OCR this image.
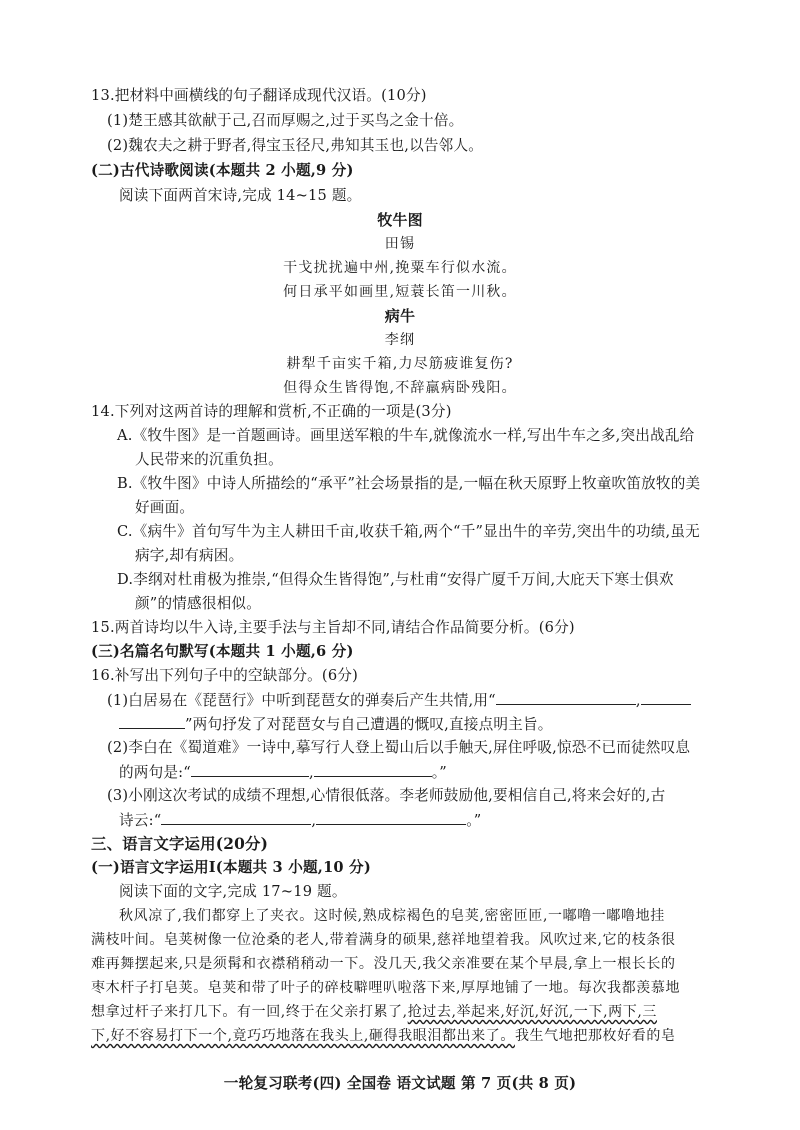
13.把材料中画横线的句子翻译成现代汉语。(10分)
(1)楚王感其欲献于己,召而厚赐之,过于买鸟之金十倍。
(2)魏农夫之耕于野者,得宝玉径尺,弗知其玉也,以告邻人。
(二)古代诗歌阅读(本题共 2 小题,9 分)
阅读下面两首宋诗,完成 14~15 题。
牧牛图
田锡
干戈扰扰遍中州,挽粟车行似水流。
何日承平如画里,短蓑长笛一川秋。
病牛
李纲
耕犁千亩实千箱,力尽筋疲谁复伤?
但得众生皆得饱,不辞羸病卧残阳。
14.下列对这两首诗的理解和赏析,不正确的一项是(3分)
A.《牧牛图》是一首题画诗。画里送军粮的牛车,就像流水一样,写出牛车之多,突出战乱给
人民带来的沉重负担。
B.《牧牛图》中诗人所描绘的“承平”社会场景指的是,一幅在秋天原野上牧童吹笛放牧的美
好画面。
C.《病牛》首句写牛为主人耕田千亩,收获千箱,两个“千”显出牛的辛劳,突出牛的功绩,虽无
病字,却有病困。
D.李纲对杜甫极为推崇,“但得众生皆得饱”,与杜甫“安得广厦千万间,大庇天下寒士俱欢
颜”的情感很相似。
15.两首诗均以牛入诗,主要手法与主旨却不同,请结合作品简要分析。(6分)
(三)名篇名句默写(本题共 1 小题,6 分)
16.补写出下列句子中的空缺部分。(6分)
(1)白居易在《琵琶行》中听到琵琶女的弹奏后产生共情,用“	,
”两句抒发了对琵琶女与自己遭遇的慨叹,直接点明主旨。
(2)李白在《蜀道难》一诗中,摹写行人登上蜀山后以手触天,屏住呼吸,惊恐不已而徒然叹息
的两句是:“	,	。”
(3)小刚这次考试的成绩不理想,心情很低落。李老师鼓励他,要相信自己,将来会好的,古
诗云:“	,	。”
三、语言文字运用(20分)
(一)语言文字运用Ⅰ(本题共 3 小题,10 分)
阅读下面的文字,完成 17~19 题。
秋风凉了,我们都穿上了夹衣。这时候,熟成棕褐色的皂荚,密密匝匝,一嘟噜一嘟噜地挂
满枝叶间。皂荚树像一位沧桑的老人,带着满身的硕果,慈祥地望着我。风吹过来,它的枝条很
难再舞摆起来,只是须髯和衣襟稍稍动一下。没几天,我父亲准要在某个早晨,拿上一根长长的
枣木杆子打皂荚。皂荚和带了叶子的碎枝噼哩叭啦落下来,厚厚地铺了一地。每次我都羡慕地
想拿过杆子来打几下。有一回,终于在父亲打累了,抢过去,举起来,好沉,好沉,一下,两下,三
下,好不容易打下一个,竟巧巧地落在我头上,砸得我眼泪都出来了。我生气地把那枚好看的皂
一轮复习联考(四) 全国卷 语文试题 第 7 页(共 8 页)
